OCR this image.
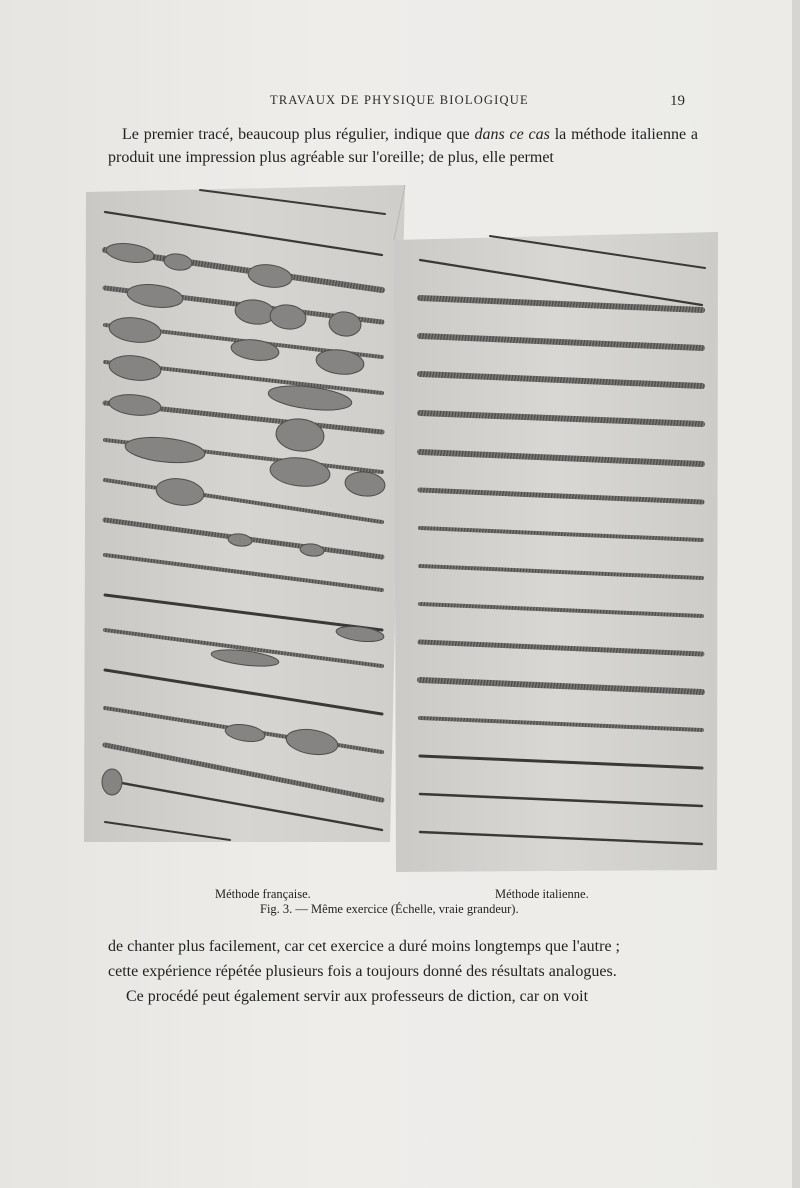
TRAVAUX DE PHYSIQUE BIOLOGIQUE	19

Le premier tracé, beaucoup plus régulier, indique que dans ce cas la méthode italienne a produit une impression plus agréable sur l'oreille; de plus, elle permet

Méthode française.	Méthode italienne.
Fig. 3. — Même exercice (Échelle, vraie grandeur).

de chanter plus facilement, car cet exercice a duré moins longtemps que l'autre ;

cette expérience répétée plusieurs fois a toujours donné des résultats analogues.

Ce procédé peut également servir aux professeurs de diction, car on voit
